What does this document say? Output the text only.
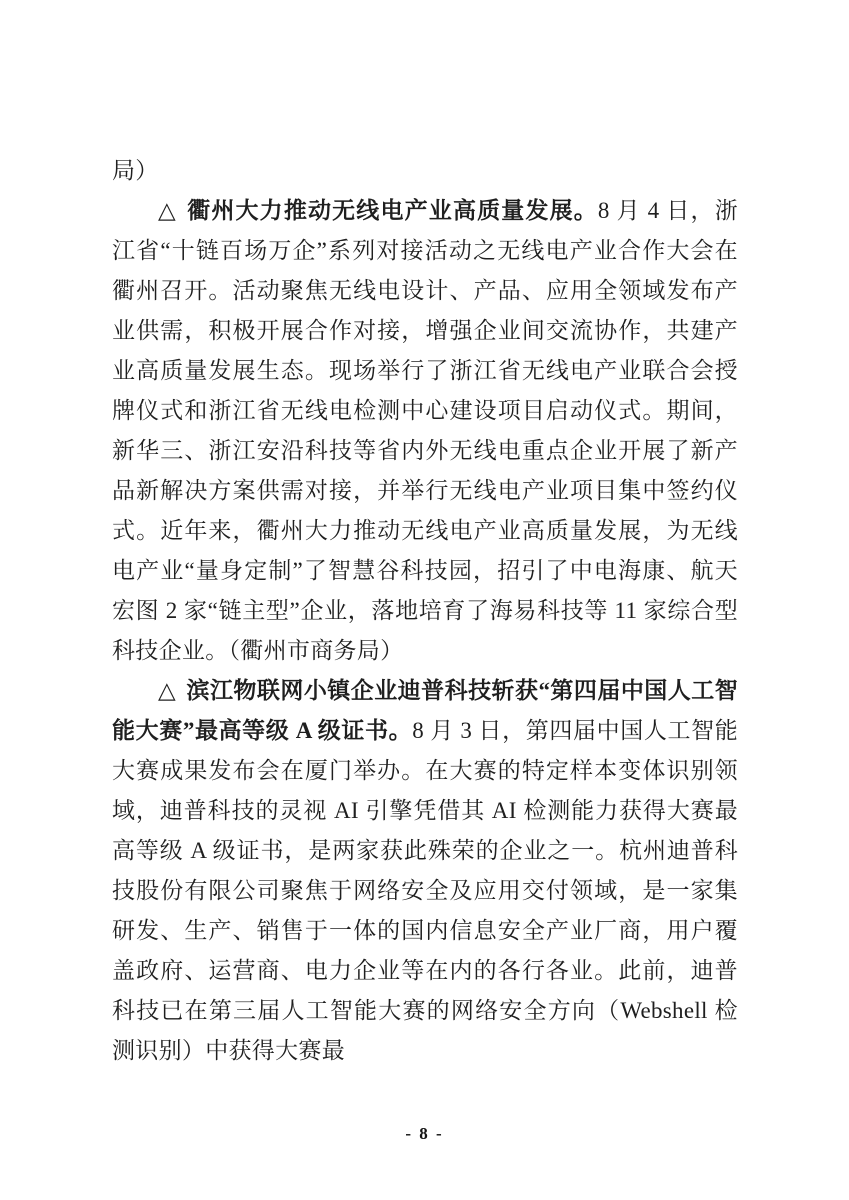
局）

△ 衢州大力推动无线电产业高质量发展。8 月 4 日，浙江省“十链百场万企”系列对接活动之无线电产业合作大会在衢州召开。活动聚焦无线电设计、产品、应用全领域发布产业供需，积极开展合作对接，增强企业间交流协作，共建产业高质量发展生态。现场举行了浙江省无线电产业联合会授牌仪式和浙江省无线电检测中心建设项目启动仪式。期间，新华三、浙江安沿科技等省内外无线电重点企业开展了新产品新解决方案供需对接，并举行无线电产业项目集中签约仪式。近年来，衢州大力推动无线电产业高质量发展，为无线电产业“量身定制”了智慧谷科技园，招引了中电海康、航天宏图 2 家“链主型”企业，落地培育了海易科技等 11 家综合型科技企业。（衢州市商务局）

△ 滨江物联网小镇企业迪普科技斩获“第四届中国人工智能大赛”最高等级 A 级证书。8 月 3 日，第四届中国人工智能大赛成果发布会在厦门举办。在大赛的特定样本变体识别领域，迪普科技的灵视 AI 引擎凭借其 AI 检测能力获得大赛最高等级 A 级证书，是两家获此殊荣的企业之一。杭州迪普科技股份有限公司聚焦于网络安全及应用交付领域，是一家集研发、生产、销售于一体的国内信息安全产业厂商，用户覆盖政府、运营商、电力企业等在内的各行各业。此前，迪普科技已在第三届人工智能大赛的网络安全方向（Webshell 检测识别）中获得大赛最

- 8 -
